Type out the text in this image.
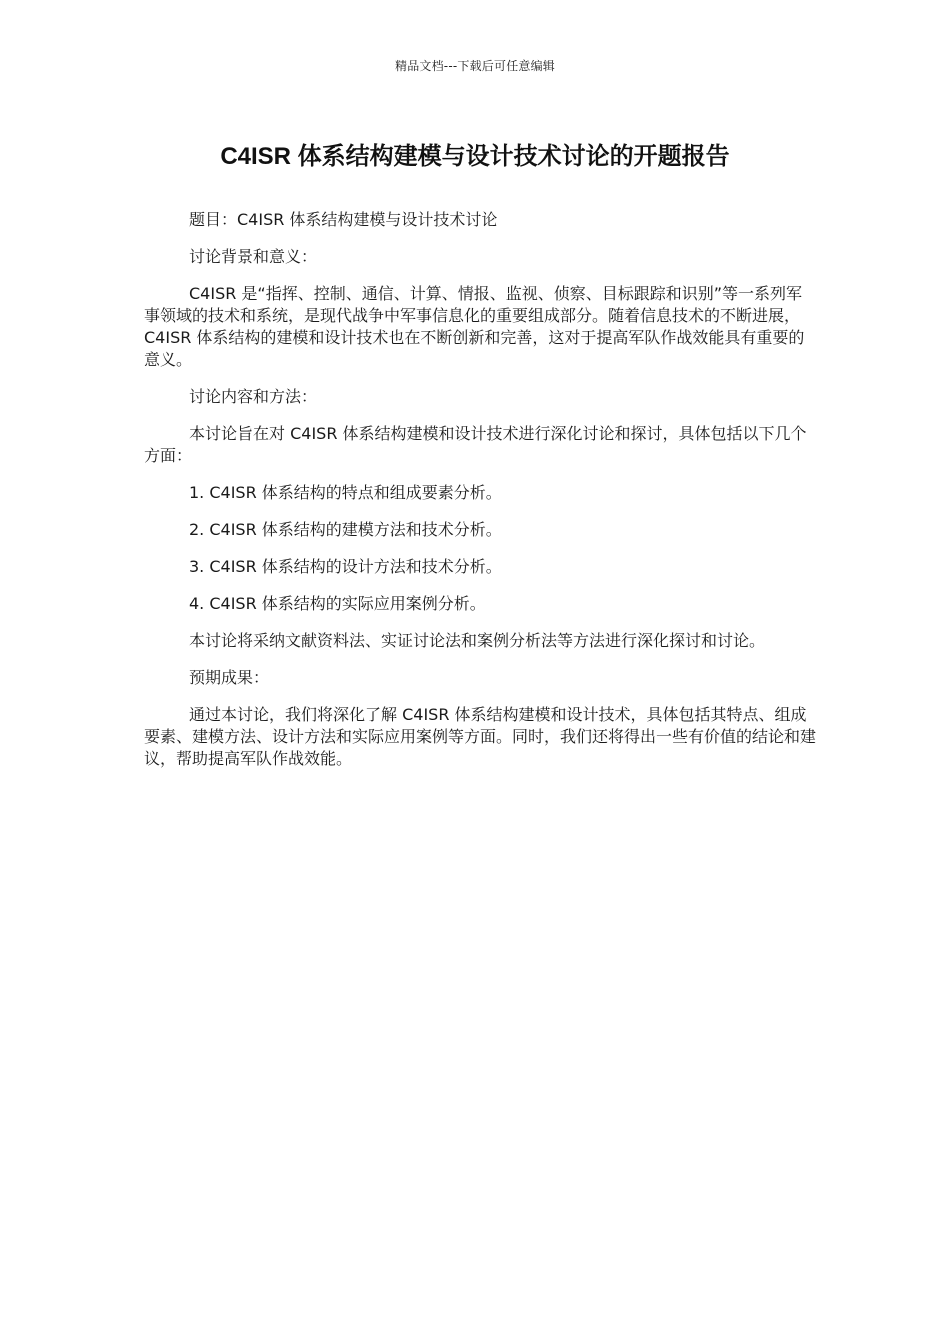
精品文档---下载后可任意编辑
C4ISR 体系结构建模与设计技术讨论的开题报告

题目：C4ISR 体系结构建模与设计技术讨论

讨论背景和意义：

C4ISR 是“指挥、控制、通信、计算、情报、监视、侦察、目标跟踪和识别”等一系列军事领域的技术和系统，是现代战争中军事信息化的重要组成部分。随着信息技术的不断进展，C4ISR 体系结构的建模和设计技术也在不断创新和完善，这对于提高军队作战效能具有重要的意义。

讨论内容和方法：

本讨论旨在对 C4ISR 体系结构建模和设计技术进行深化讨论和探讨，具体包括以下几个方面：

1. C4ISR 体系结构的特点和组成要素分析。

2. C4ISR 体系结构的建模方法和技术分析。

3. C4ISR 体系结构的设计方法和技术分析。

4. C4ISR 体系结构的实际应用案例分析。

本讨论将采纳文献资料法、实证讨论法和案例分析法等方法进行深化探讨和讨论。

预期成果：

通过本讨论，我们将深化了解 C4ISR 体系结构建模和设计技术，具体包括其特点、组成要素、建模方法、设计方法和实际应用案例等方面。同时，我们还将得出一些有价值的结论和建议，帮助提高军队作战效能。
